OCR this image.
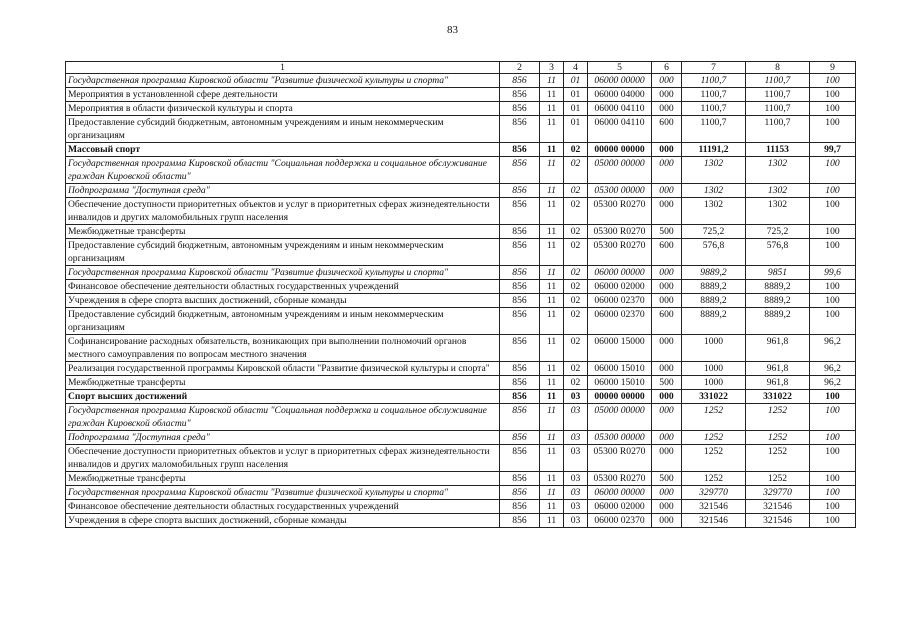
83
1	2	3	4	5	6	7	8	9
Государственная программа Кировской области "Развитие физической культуры и спорта"	856	11	01	06000 00000	000	1100,7	1100,7	100
Мероприятия в установленной сфере деятельности	856	11	01	06000 04000	000	1100,7	1100,7	100
Мероприятия в области физической культуры и спорта	856	11	01	06000 04110	000	1100,7	1100,7	100
Предоставление субсидий бюджетным, автономным учреждениям и иным некоммерческим организациям	856	11	01	06000 04110	600	1100,7	1100,7	100
Массовый спорт	856	11	02	00000 00000	000	11191,2	11153	99,7
Государственная программа Кировской области "Социальная поддержка и социальное обслуживание граждан Кировской области"	856	11	02	05000 00000	000	1302	1302	100
Подпрограмма "Доступная среда"	856	11	02	05300 00000	000	1302	1302	100
Обеспечение доступности приоритетных объектов и услуг в приоритетных сферах жизнедеятельности инвалидов и других маломобильных групп населения	856	11	02	05300 R0270	000	1302	1302	100
Межбюджетные трансферты	856	11	02	05300 R0270	500	725,2	725,2	100
Предоставление субсидий бюджетным, автономным учреждениям и иным некоммерческим организациям	856	11	02	05300 R0270	600	576,8	576,8	100
Государственная программа Кировской области "Развитие физической культуры и спорта"	856	11	02	06000 00000	000	9889,2	9851	99,6
Финансовое обеспечение деятельности областных государственных учреждений	856	11	02	06000 02000	000	8889,2	8889,2	100
Учреждения в сфере спорта высших достижений, сборные команды	856	11	02	06000 02370	000	8889,2	8889,2	100
Предоставление субсидий бюджетным, автономным учреждениям и иным некоммерческим организациям	856	11	02	06000 02370	600	8889,2	8889,2	100
Софинансирование расходных обязательств, возникающих при выполнении полномочий органов местного самоуправления по вопросам местного значения	856	11	02	06000 15000	000	1000	961,8	96,2
Реализация государственной программы Кировской области "Развитие физической культуры и спорта"	856	11	02	06000 15010	000	1000	961,8	96,2
Межбюджетные трансферты	856	11	02	06000 15010	500	1000	961,8	96,2
Спорт высших достижений	856	11	03	00000 00000	000	331022	331022	100
Государственная программа Кировской области "Социальная поддержка и социальное обслуживание граждан Кировской области"	856	11	03	05000 00000	000	1252	1252	100
Подпрограмма "Доступная среда"	856	11	03	05300 00000	000	1252	1252	100
Обеспечение доступности приоритетных объектов и услуг в приоритетных сферах жизнедеятельности инвалидов и других маломобильных групп населения	856	11	03	05300 R0270	000	1252	1252	100
Межбюджетные трансферты	856	11	03	05300 R0270	500	1252	1252	100
Государственная программа Кировской области "Развитие физической культуры и спорта"	856	11	03	06000 00000	000	329770	329770	100
Финансовое обеспечение деятельности областных государственных учреждений	856	11	03	06000 02000	000	321546	321546	100
Учреждения в сфере спорта высших достижений, сборные команды	856	11	03	06000 02370	000	321546	321546	100
